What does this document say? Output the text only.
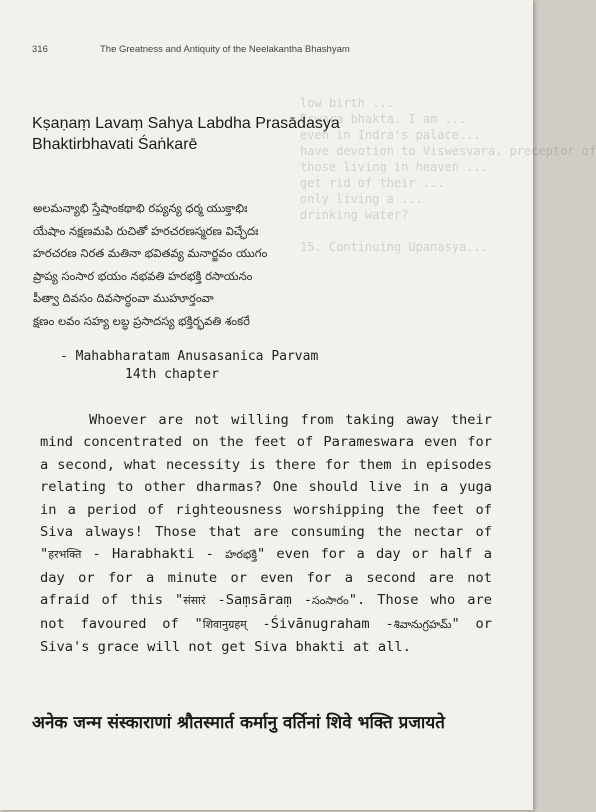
low birth ...
Eswara bhakta. I am ...
even in Indra's palace...
have devotion to Viswesvara, preceptor of
those living in heaven ...
get rid of their ...
only living a ...
drinking water?

15. Continuing Upanasya...
316	The Greatness and Antiquity of the Neelakantha Bhashyam
Kṣaṇaṃ Lavaṃ Sahya Labdha Prasādasya
Bhaktirbhavati Śaṅkarē
అలమన్యాభి స్తేషాంకథాభి రప్యన్య ధర్మ యుక్తాభిః
యేషాం నక్షణమపి రుచితో హరచరణస్మరణ విచ్ఛేదః
హరచరణ నిరత మతినా భవితవ్య మనార్జవం యుగం
ప్రాప్య సంసార భయం నభవతి హరభక్తి రసాయనం
పీత్వా దివసం దివసార్ధంవా ముహూర్తంవా
క్షణం లవం సహ్య లబ్ధ ప్రసాదస్య భక్తిర్భవతి శంకరే
- Mahabharatam Anusasanica Parvam
14th chapter

Whoever are not willing from taking away their mind concentrated on the feet of Parameswara even for a second, what necessity is there for them in episodes relating to other dharmas? One should live in a yuga in a period of righteousness worshipping the feet of Siva always! Those that are consuming the nectar of "हरभक्ति - Harabhakti - హరభక్తి" even for a day or half a day or for a minute or even for a second are not afraid of this "संसारं -Saṃsāraṃ -సంసారం". Those who are not favoured of "शिवानुग्रहम् -Śivānugraham -శివానుగ్రహమ్" or Siva's grace will not get Siva bhakti at all.

अनेक जन्म संस्काराणां श्रौतस्मार्त कर्मानु वर्तिनां शिवे भक्ति प्रजायते
